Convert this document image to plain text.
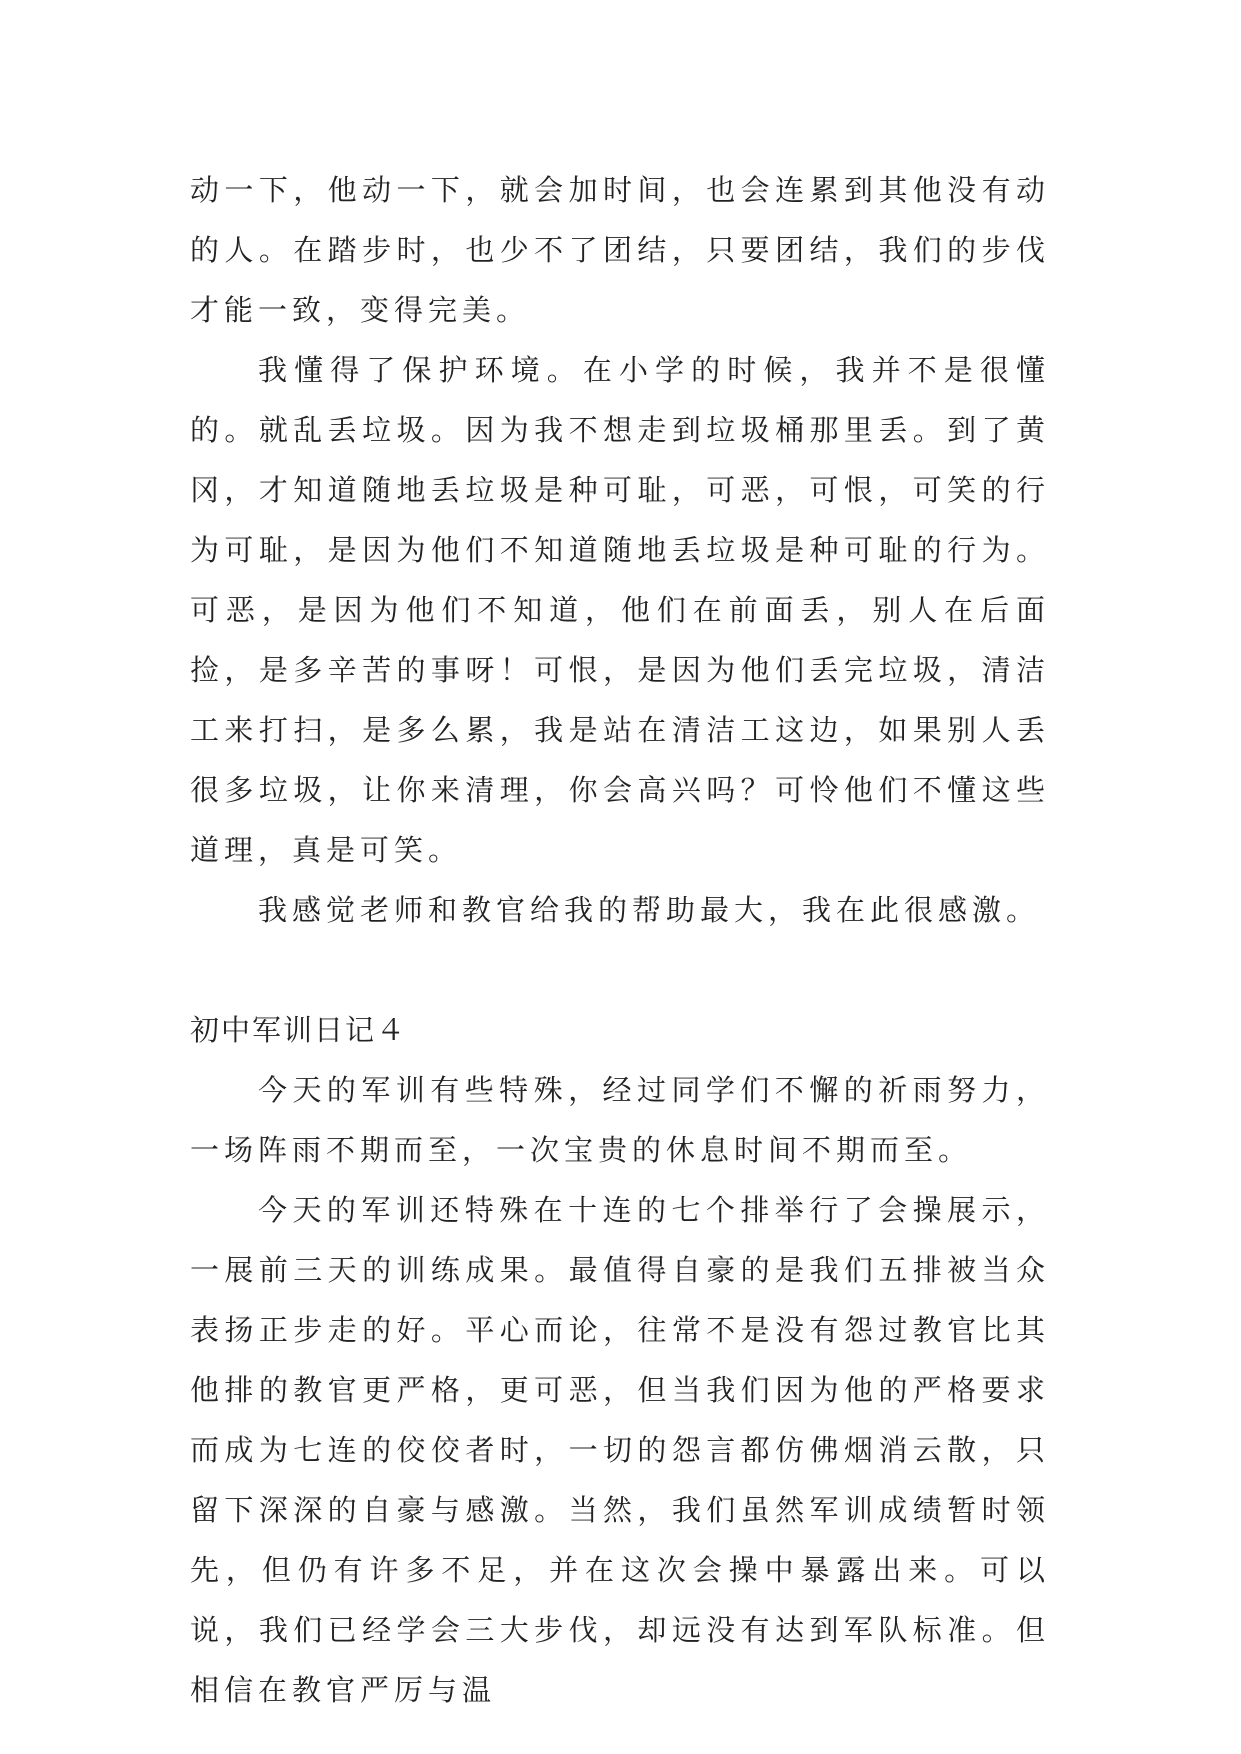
动一下，他动一下，就会加时间，也会连累到其他没有动的人。在踏步时，也少不了团结，只要团结，我们的步伐才能一致，变得完美。

我懂得了保护环境。在小学的时候，我并不是很懂的。就乱丢垃圾。因为我不想走到垃圾桶那里丢。到了黄冈，才知道随地丢垃圾是种可耻，可恶，可恨，可笑的行为可耻，是因为他们不知道随地丢垃圾是种可耻的行为。可恶，是因为他们不知道，他们在前面丢，别人在后面捡，是多辛苦的事呀！可恨，是因为他们丢完垃圾，清洁工来打扫，是多么累，我是站在清洁工这边，如果别人丢很多垃圾，让你来清理，你会高兴吗？可怜他们不懂这些道理，真是可笑。

我感觉老师和教官给我的帮助最大，我在此很感激。

初中军训日记４

今天的军训有些特殊，经过同学们不懈的祈雨努力，一场阵雨不期而至，一次宝贵的休息时间不期而至。

今天的军训还特殊在十连的七个排举行了会操展示，一展前三天的训练成果。最值得自豪的是我们五排被当众表扬正步走的好。平心而论，往常不是没有怨过教官比其他排的教官更严格，更可恶，但当我们因为他的严格要求而成为七连的佼佼者时，一切的怨言都仿佛烟消云散，只留下深深的自豪与感激。当然，我们虽然军训成绩暂时领先，但仍有许多不足，并在这次会操中暴露出来。可以说，我们已经学会三大步伐，却远没有达到军队标准。但相信在教官严厉与温
